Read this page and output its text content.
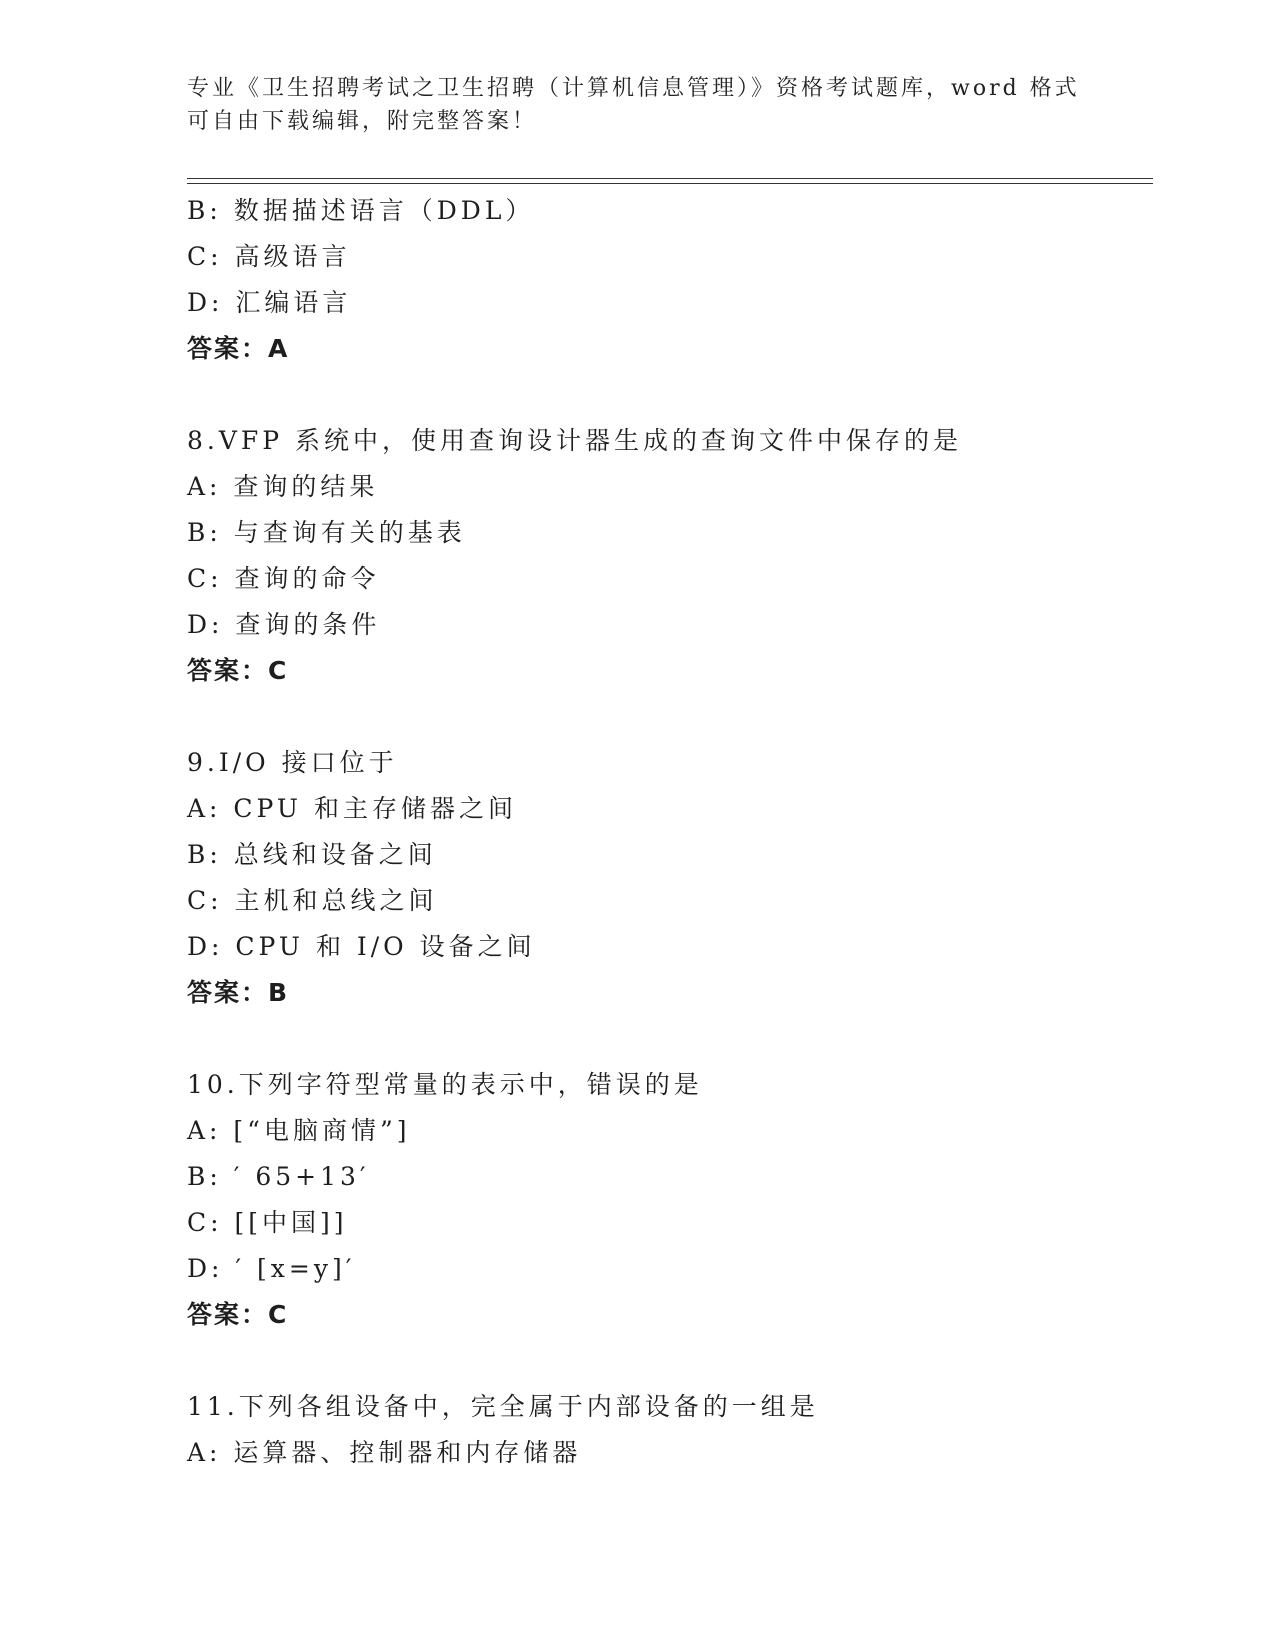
专业《卫生招聘考试之卫生招聘（计算机信息管理）》资格考试题库，word 格式
可自由下载编辑，附完整答案！
B: 数据描述语言（DDL）
C: 高级语言
D: 汇编语言
答案：A
8.VFP 系统中，使用查询设计器生成的查询文件中保存的是
A: 查询的结果
B: 与查询有关的基表
C: 查询的命令
D: 查询的条件
答案：C
9.I/O 接口位于
A: CPU 和主存储器之间
B: 总线和设备之间
C: 主机和总线之间
D: CPU 和 I/O 设备之间
答案：B
10.下列字符型常量的表示中，错误的是
A: [“电脑商情”]
B: ′ 65+13′
C: [[中国]]
D: ′ [x=y]′
答案：C
11.下列各组设备中，完全属于内部设备的一组是
A: 运算器、控制器和内存储器
